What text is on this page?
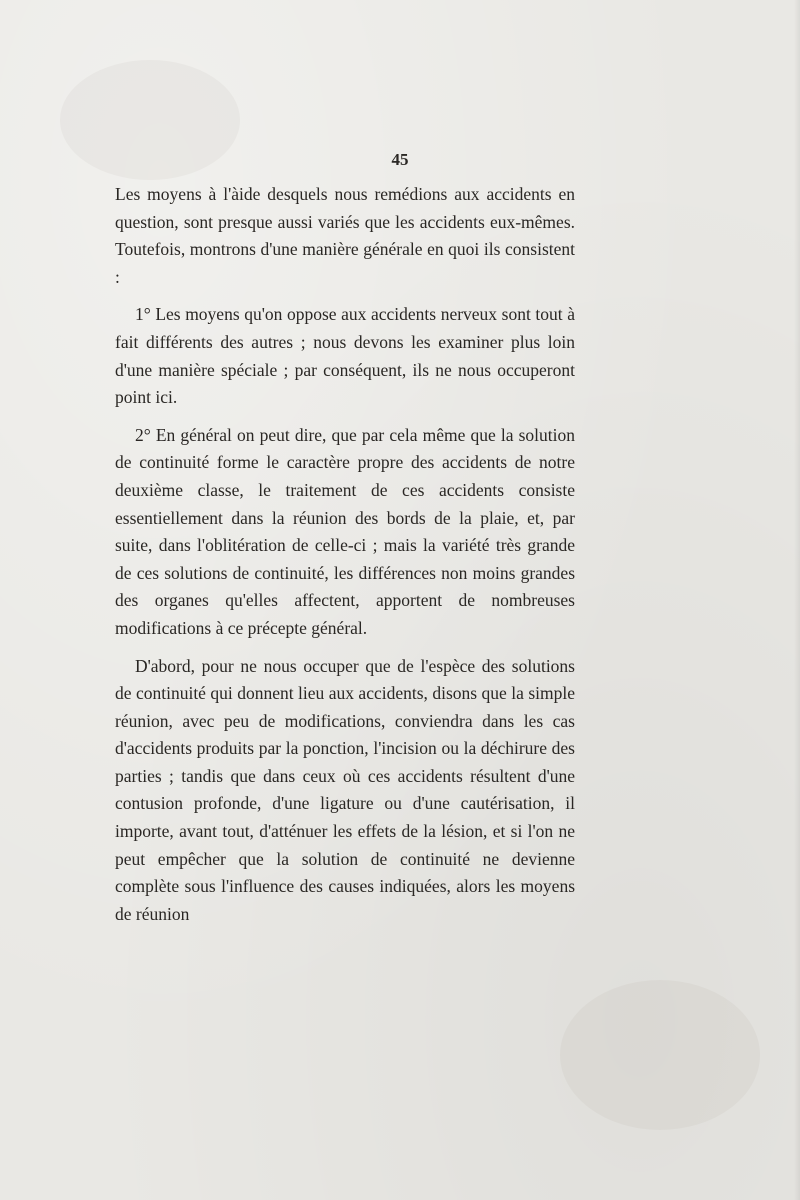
45

Les moyens à l'àide desquels nous remédions aux accidents en question, sont presque aussi variés que les accidents eux-mêmes. Toutefois, montrons d'une manière générale en quoi ils consistent :

1° Les moyens qu'on oppose aux accidents nerveux sont tout à fait différents des autres ; nous devons les examiner plus loin d'une manière spéciale ; par conséquent, ils ne nous occuperont point ici.

2° En général on peut dire, que par cela même que la solution de continuité forme le caractère propre des accidents de notre deuxième classe, le traitement de ces accidents consiste essentiellement dans la réunion des bords de la plaie, et, par suite, dans l'oblitération de celle-ci ; mais la variété très grande de ces solutions de continuité, les différences non moins grandes des organes qu'elles affectent, apportent de nombreuses modifications à ce précepte général.

D'abord, pour ne nous occuper que de l'espèce des solutions de continuité qui donnent lieu aux accidents, disons que la simple réunion, avec peu de modifications, conviendra dans les cas d'accidents produits par la ponction, l'incision ou la déchirure des parties ; tandis que dans ceux où ces accidents résultent d'une contusion profonde, d'une ligature ou d'une cautérisation, il importe, avant tout, d'atténuer les effets de la lésion, et si l'on ne peut empêcher que la solution de continuité ne devienne complète sous l'influence des causes indiquées, alors les moyens de réunion
